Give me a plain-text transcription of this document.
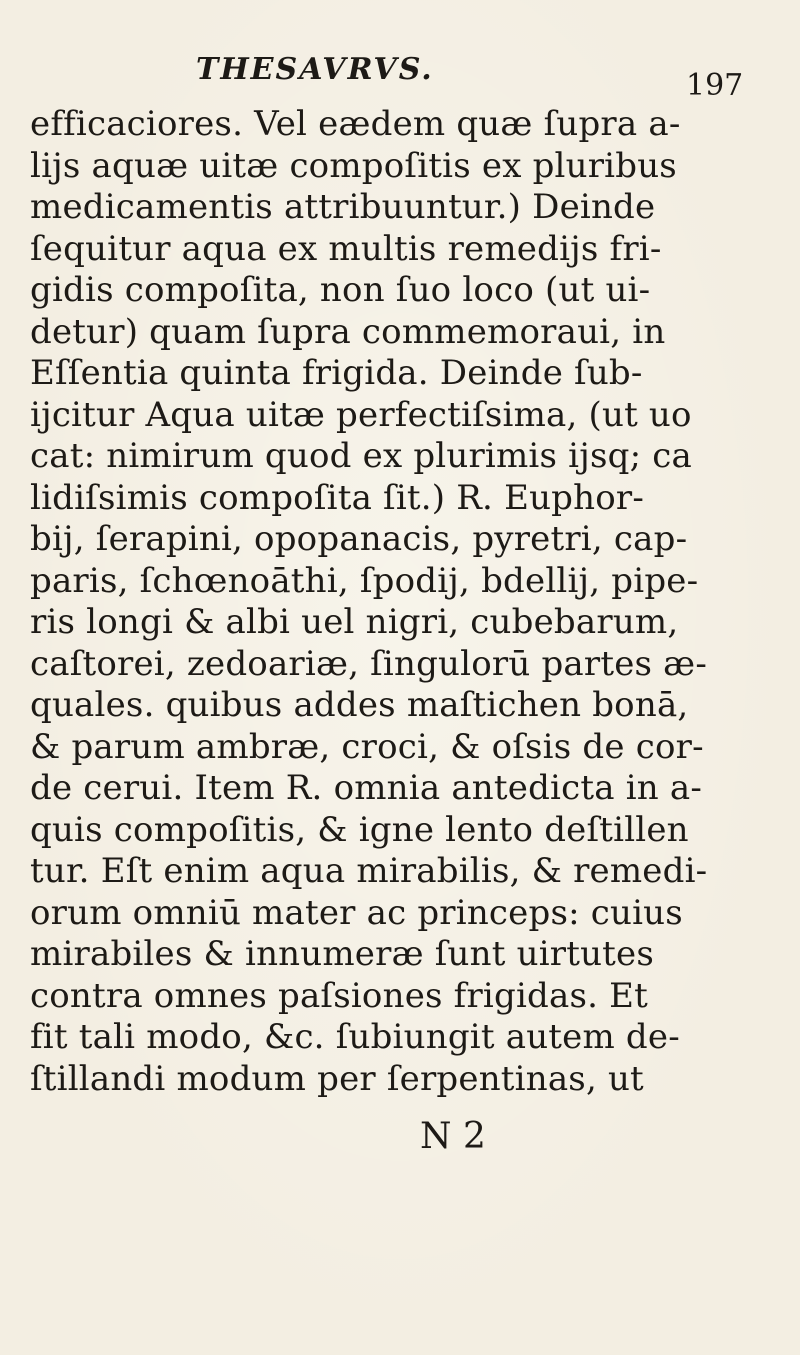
THESAVRVS.	197
efficaciores. Vel eædem quæ ſupra a-
lijs aquæ uitæ compoſitis ex pluribus
medicamentis attribuuntur.) Deinde
ſequitur aqua ex multis remedijs fri-
gidis compoſita, non ſuo loco (ut ui-
detur) quam ſupra commemoraui, in
Eſſentia quinta frigida. Deinde ſub-
ijcitur Aqua uitæ perfectiſsima, (ut uo
cat: nimirum quod ex plurimis ijsq; ca
lidiſsimis compoſita ſit.) R. Euphor-
bij, ſerapini, opopanacis, pyretri, cap-
paris, ſchœnoāthi, ſpodij, bdellij, pipe-
ris longi & albi uel nigri, cubebarum,
caſtorei, zedoariæ, ſingulorū partes æ-
quales. quibus addes maſtichen bonā,
& parum ambræ, croci, & oſsis de cor-
de cerui. Item R. omnia antedicta in a-
quis compoſitis, & igne lento deſtillen
tur. Eſt enim aqua mirabilis, & remedi-
orum omniū mater ac princeps: cuius
mirabiles & innumeræ ſunt uirtutes
contra omnes paſsiones frigidas. Et
fit tali modo, &c. ſubiungit autem de-
ſtillandi modum per ſerpentinas, ut
N 2
